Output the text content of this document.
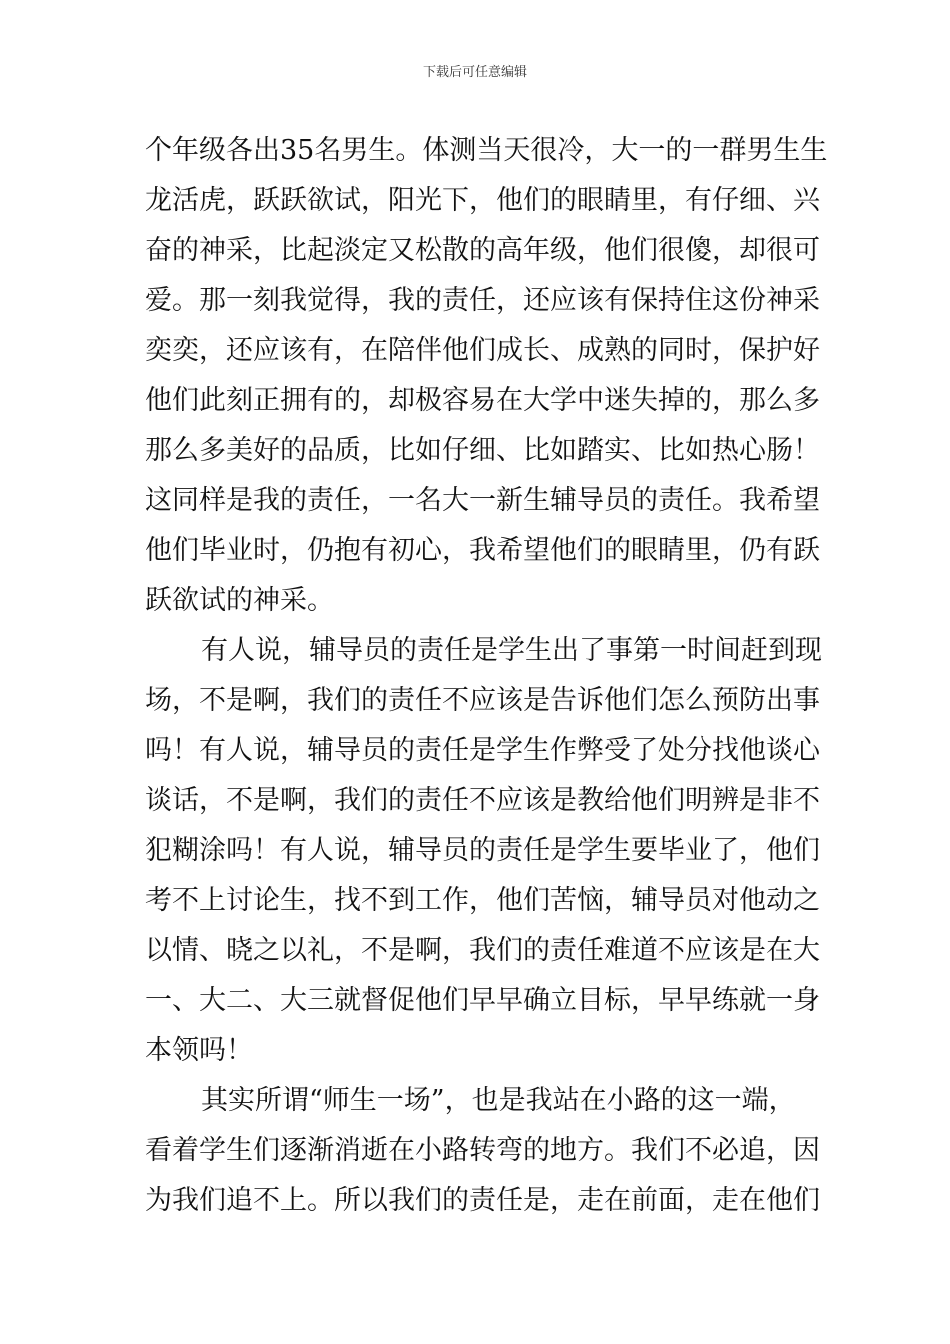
下载后可任意编辑
个年级各出35名男生。体测当天很冷，大一的一群男生生
龙活虎，跃跃欲试，阳光下，他们的眼睛里，有仔细、兴
奋的神采，比起淡定又松散的高年级，他们很傻，却很可
爱。那一刻我觉得，我的责任，还应该有保持住这份神采
奕奕，还应该有，在陪伴他们成长、成熟的同时，保护好
他们此刻正拥有的，却极容易在大学中迷失掉的，那么多
那么多美好的品质，比如仔细、比如踏实、比如热心肠！
这同样是我的责任，一名大一新生辅导员的责任。我希望
他们毕业时，仍抱有初心，我希望他们的眼睛里，仍有跃
跃欲试的神采。
有人说，辅导员的责任是学生出了事第一时间赶到现
场，不是啊，我们的责任不应该是告诉他们怎么预防出事
吗！有人说，辅导员的责任是学生作弊受了处分找他谈心
谈话，不是啊，我们的责任不应该是教给他们明辨是非不
犯糊涂吗！有人说，辅导员的责任是学生要毕业了，他们
考不上讨论生，找不到工作，他们苦恼，辅导员对他动之
以情、晓之以礼，不是啊，我们的责任难道不应该是在大
一、大二、大三就督促他们早早确立目标，早早练就一身
本领吗！
其实所谓“师生一场”，也是我站在小路的这一端，
看着学生们逐渐消逝在小路转弯的地方。我们不必追，因
为我们追不上。所以我们的责任是，走在前面，走在他们
